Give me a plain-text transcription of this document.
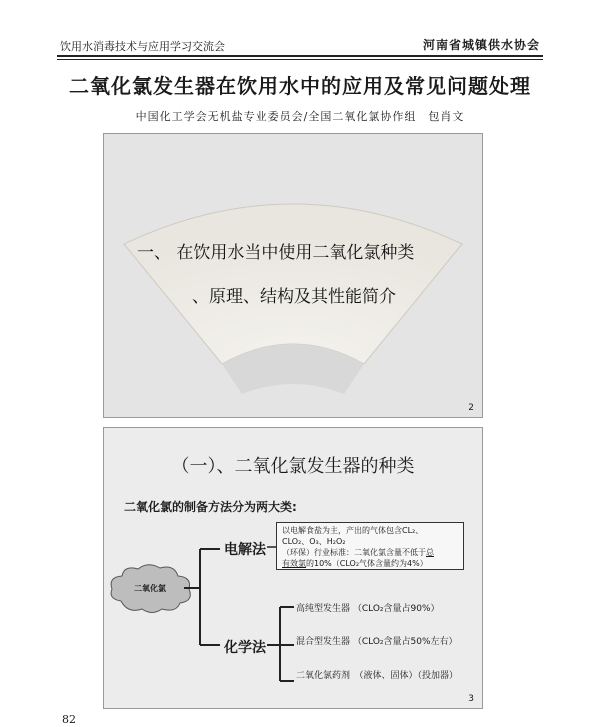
饮用水消毒技术与应用学习交流会	河南省城镇供水协会
二氧化氯发生器在饮用水中的应用及常见问题处理
中国化工学会无机盐专业委员会/全国二氧化氯协作组　包肖文
一、 在饮用水当中使用二氧化氯种类
、原理、结构及其性能简介
2
（一）、二氧化氯发生器的种类
二氧化氯的制备方法分为两大类:
二氧化氯
电解法
以电解食盐为主，产出的气体包含CL₂、
CLO₂、O₃、H₂O₂
（环保）行业标准：二氧化氯含量不低于总
有效氯的10%（CLO₂气体含量约为4%）
化学法
高纯型发生器 （CLO₂含量占90%）
混合型发生器 （CLO₂含量占50%左右）
二氧化氯药剂　（液体、固体）（投加器）
3
82
